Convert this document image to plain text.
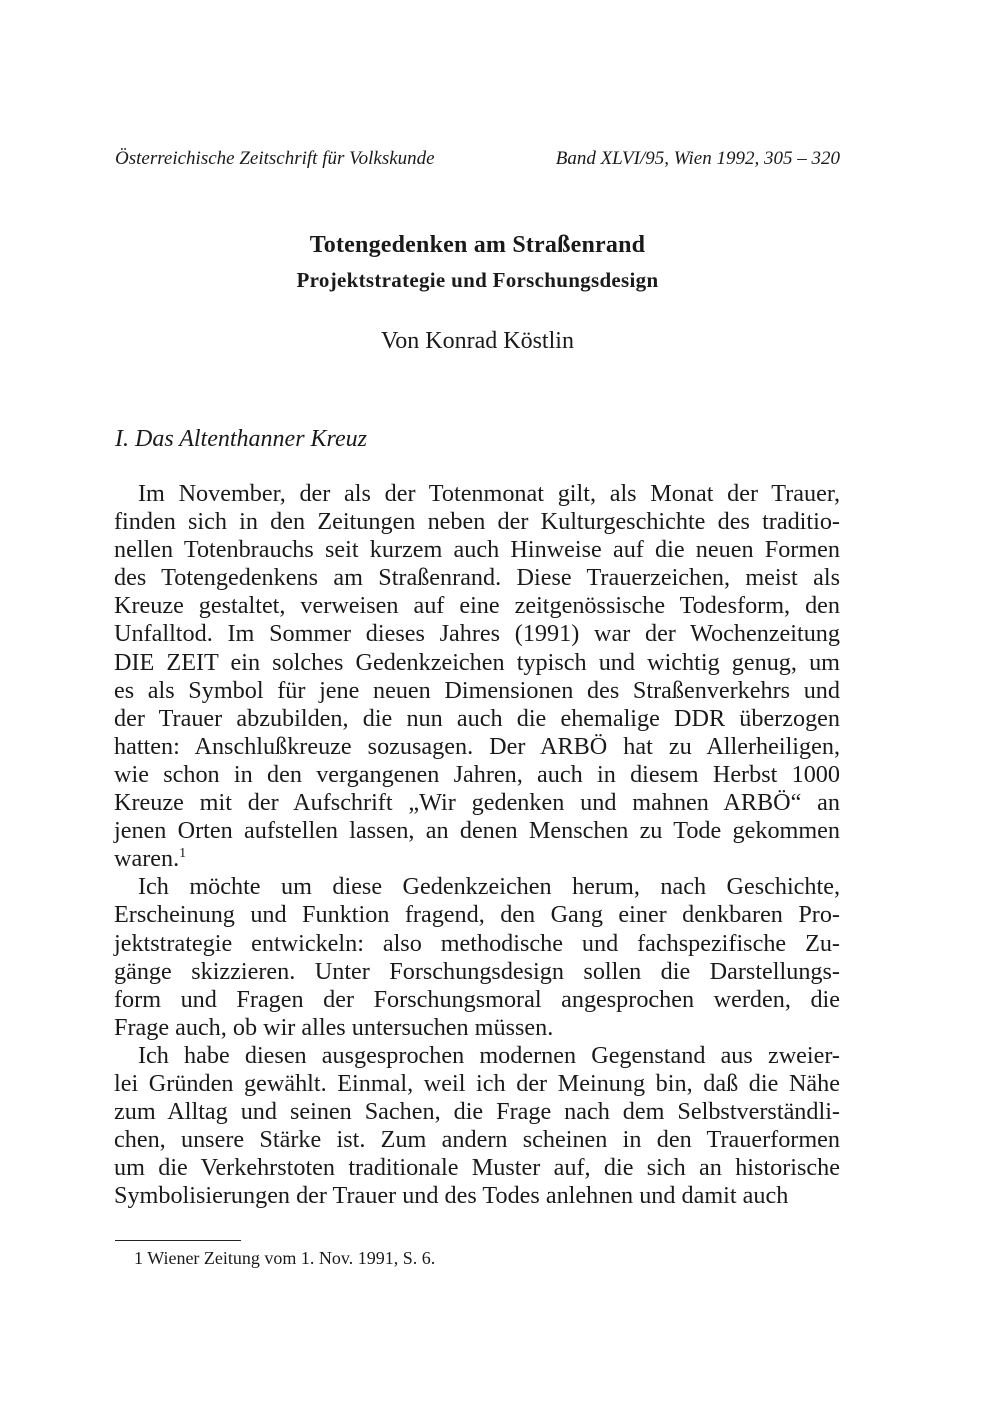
Österreichische Zeitschrift für Volkskunde	Band XLVI/95, Wien 1992, 305 – 320
Totengedenken am Straßenrand
Projektstrategie und Forschungsdesign
Von Konrad Köstlin
I. Das Altenthanner Kreuz
Im November, der als der Totenmonat gilt, als Monat der Trauer,
finden sich in den Zeitungen neben der Kulturgeschichte des traditio-
nellen Totenbrauchs seit kurzem auch Hinweise auf die neuen Formen
des Totengedenkens am Straßenrand. Diese Trauerzeichen, meist als
Kreuze gestaltet, verweisen auf eine zeitgenössische Todesform, den
Unfalltod. Im Sommer dieses Jahres (1991) war der Wochenzeitung
DIE ZEIT ein solches Gedenkzeichen typisch und wichtig genug, um
es als Symbol für jene neuen Dimensionen des Straßenverkehrs und
der Trauer abzubilden, die nun auch die ehemalige DDR überzogen
hatten: Anschlußkreuze sozusagen. Der ARBÖ hat zu Allerheiligen,
wie schon in den vergangenen Jahren, auch in diesem Herbst 1000
Kreuze mit der Aufschrift „Wir gedenken und mahnen ARBÖ“ an
jenen Orten aufstellen lassen, an denen Menschen zu Tode gekommen
waren.$^1$
Ich möchte um diese Gedenkzeichen herum, nach Geschichte,
Erscheinung und Funktion fragend, den Gang einer denkbaren Pro-
jektstrategie entwickeln: also methodische und fachspezifische Zu-
gänge skizzieren. Unter Forschungsdesign sollen die Darstellungs-
form und Fragen der Forschungsmoral angesprochen werden, die
Frage auch, ob wir alles untersuchen müssen.
Ich habe diesen ausgesprochen modernen Gegenstand aus zweier-
lei Gründen gewählt. Einmal, weil ich der Meinung bin, daß die Nähe
zum Alltag und seinen Sachen, die Frage nach dem Selbstverständli-
chen, unsere Stärke ist. Zum andern scheinen in den Trauerformen
um die Verkehrstoten traditionale Muster auf, die sich an historische
Symbolisierungen der Trauer und des Todes anlehnen und damit auch
1 Wiener Zeitung vom 1. Nov. 1991, S. 6.
